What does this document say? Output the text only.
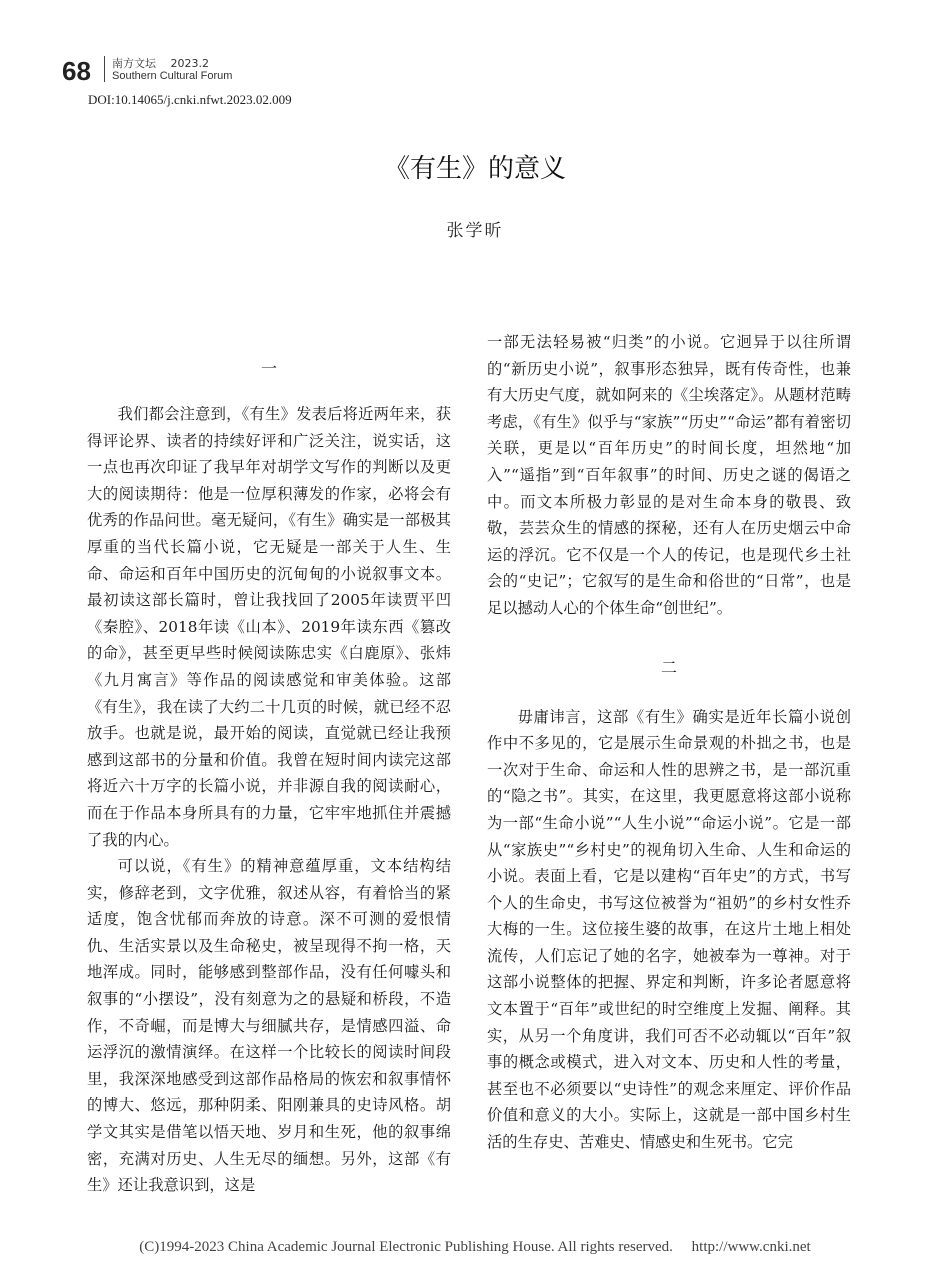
68 南方文坛　 2023.2
Southern Cultural Forum
DOI:10.14065/j.cnki.nfwt.2023.02.009
《有生》的意义
张学昕
一

我们都会注意到，《有生》发表后将近两年来，获得评论界、读者的持续好评和广泛关注，说实话，这一点也再次印证了我早年对胡学文写作的判断以及更大的阅读期待：他是一位厚积薄发的作家，必将会有优秀的作品问世。毫无疑问，《有生》确实是一部极其厚重的当代长篇小说，它无疑是一部关于人生、生命、命运和百年中国历史的沉甸甸的小说叙事文本。最初读这部长篇时，曾让我找回了2005年读贾平凹《秦腔》、2018年读《山本》、2019年读东西《篡改的命》，甚至更早些时候阅读陈忠实《白鹿原》、张炜《九月寓言》等作品的阅读感觉和审美体验。这部《有生》，我在读了大约二十几页的时候，就已经不忍放手。也就是说，最开始的阅读，直觉就已经让我预感到这部书的分量和价值。我曾在短时间内读完这部将近六十万字的长篇小说，并非源自我的阅读耐心，而在于作品本身所具有的力量，它牢牢地抓住并震撼了我的内心。

可以说，《有生》的精神意蕴厚重，文本结构结实，修辞老到，文字优雅，叙述从容，有着恰当的紧适度，饱含忧郁而奔放的诗意。深不可测的爱恨情仇、生活实景以及生命秘史，被呈现得不拘一格，天地浑成。同时，能够感到整部作品，没有任何噱头和叙事的“小摆设”，没有刻意为之的悬疑和桥段，不造作，不奇崛，而是博大与细腻共存，是情感四溢、命运浮沉的激情演绎。在这样一个比较长的阅读时间段里，我深深地感受到这部作品格局的恢宏和叙事情怀的博大、悠远，那种阴柔、阳刚兼具的史诗风格。胡学文其实是借笔以悟天地、岁月和生死，他的叙事绵密，充满对历史、人生无尽的缅想。另外，这部《有生》还让我意识到，这是

一部无法轻易被“归类”的小说。它迥异于以往所谓的“新历史小说”，叙事形态独异，既有传奇性，也兼有大历史气度，就如阿来的《尘埃落定》。从题材范畴考虑，《有生》似乎与“家族”“历史”“命运”都有着密切关联，更是以“百年历史”的时间长度，坦然地“加入”“遥指”到“百年叙事”的时间、历史之谜的偈语之中。而文本所极力彰显的是对生命本身的敬畏、致敬，芸芸众生的情感的探秘，还有人在历史烟云中命运的浮沉。它不仅是一个人的传记，也是现代乡土社会的“史记”；它叙写的是生命和俗世的“日常”，也是足以撼动人心的个体生命“创世纪”。

二

毋庸讳言，这部《有生》确实是近年长篇小说创作中不多见的，它是展示生命景观的朴拙之书，也是一次对于生命、命运和人性的思辨之书，是一部沉重的“隐之书”。其实，在这里，我更愿意将这部小说称为一部“生命小说”“人生小说”“命运小说”。它是一部从“家族史”“乡村史”的视角切入生命、人生和命运的小说。表面上看，它是以建构“百年史”的方式，书写个人的生命史，书写这位被誉为“祖奶”的乡村女性乔大梅的一生。这位接生婆的故事，在这片土地上相处流传，人们忘记了她的名字，她被奉为一尊神。对于这部小说整体的把握、界定和判断，许多论者愿意将文本置于“百年”或世纪的时空维度上发掘、阐释。其实，从另一个角度讲，我们可否不必动辄以“百年”叙事的概念或模式，进入对文本、历史和人性的考量，甚至也不必须要以“史诗性”的观念来厘定、评价作品价值和意义的大小。实际上，这就是一部中国乡村生活的生存史、苦难史、情感史和生死书。它完

(C)1994-2023 China Academic Journal Electronic Publishing House. All rights reserved.　 http://www.cnki.net
